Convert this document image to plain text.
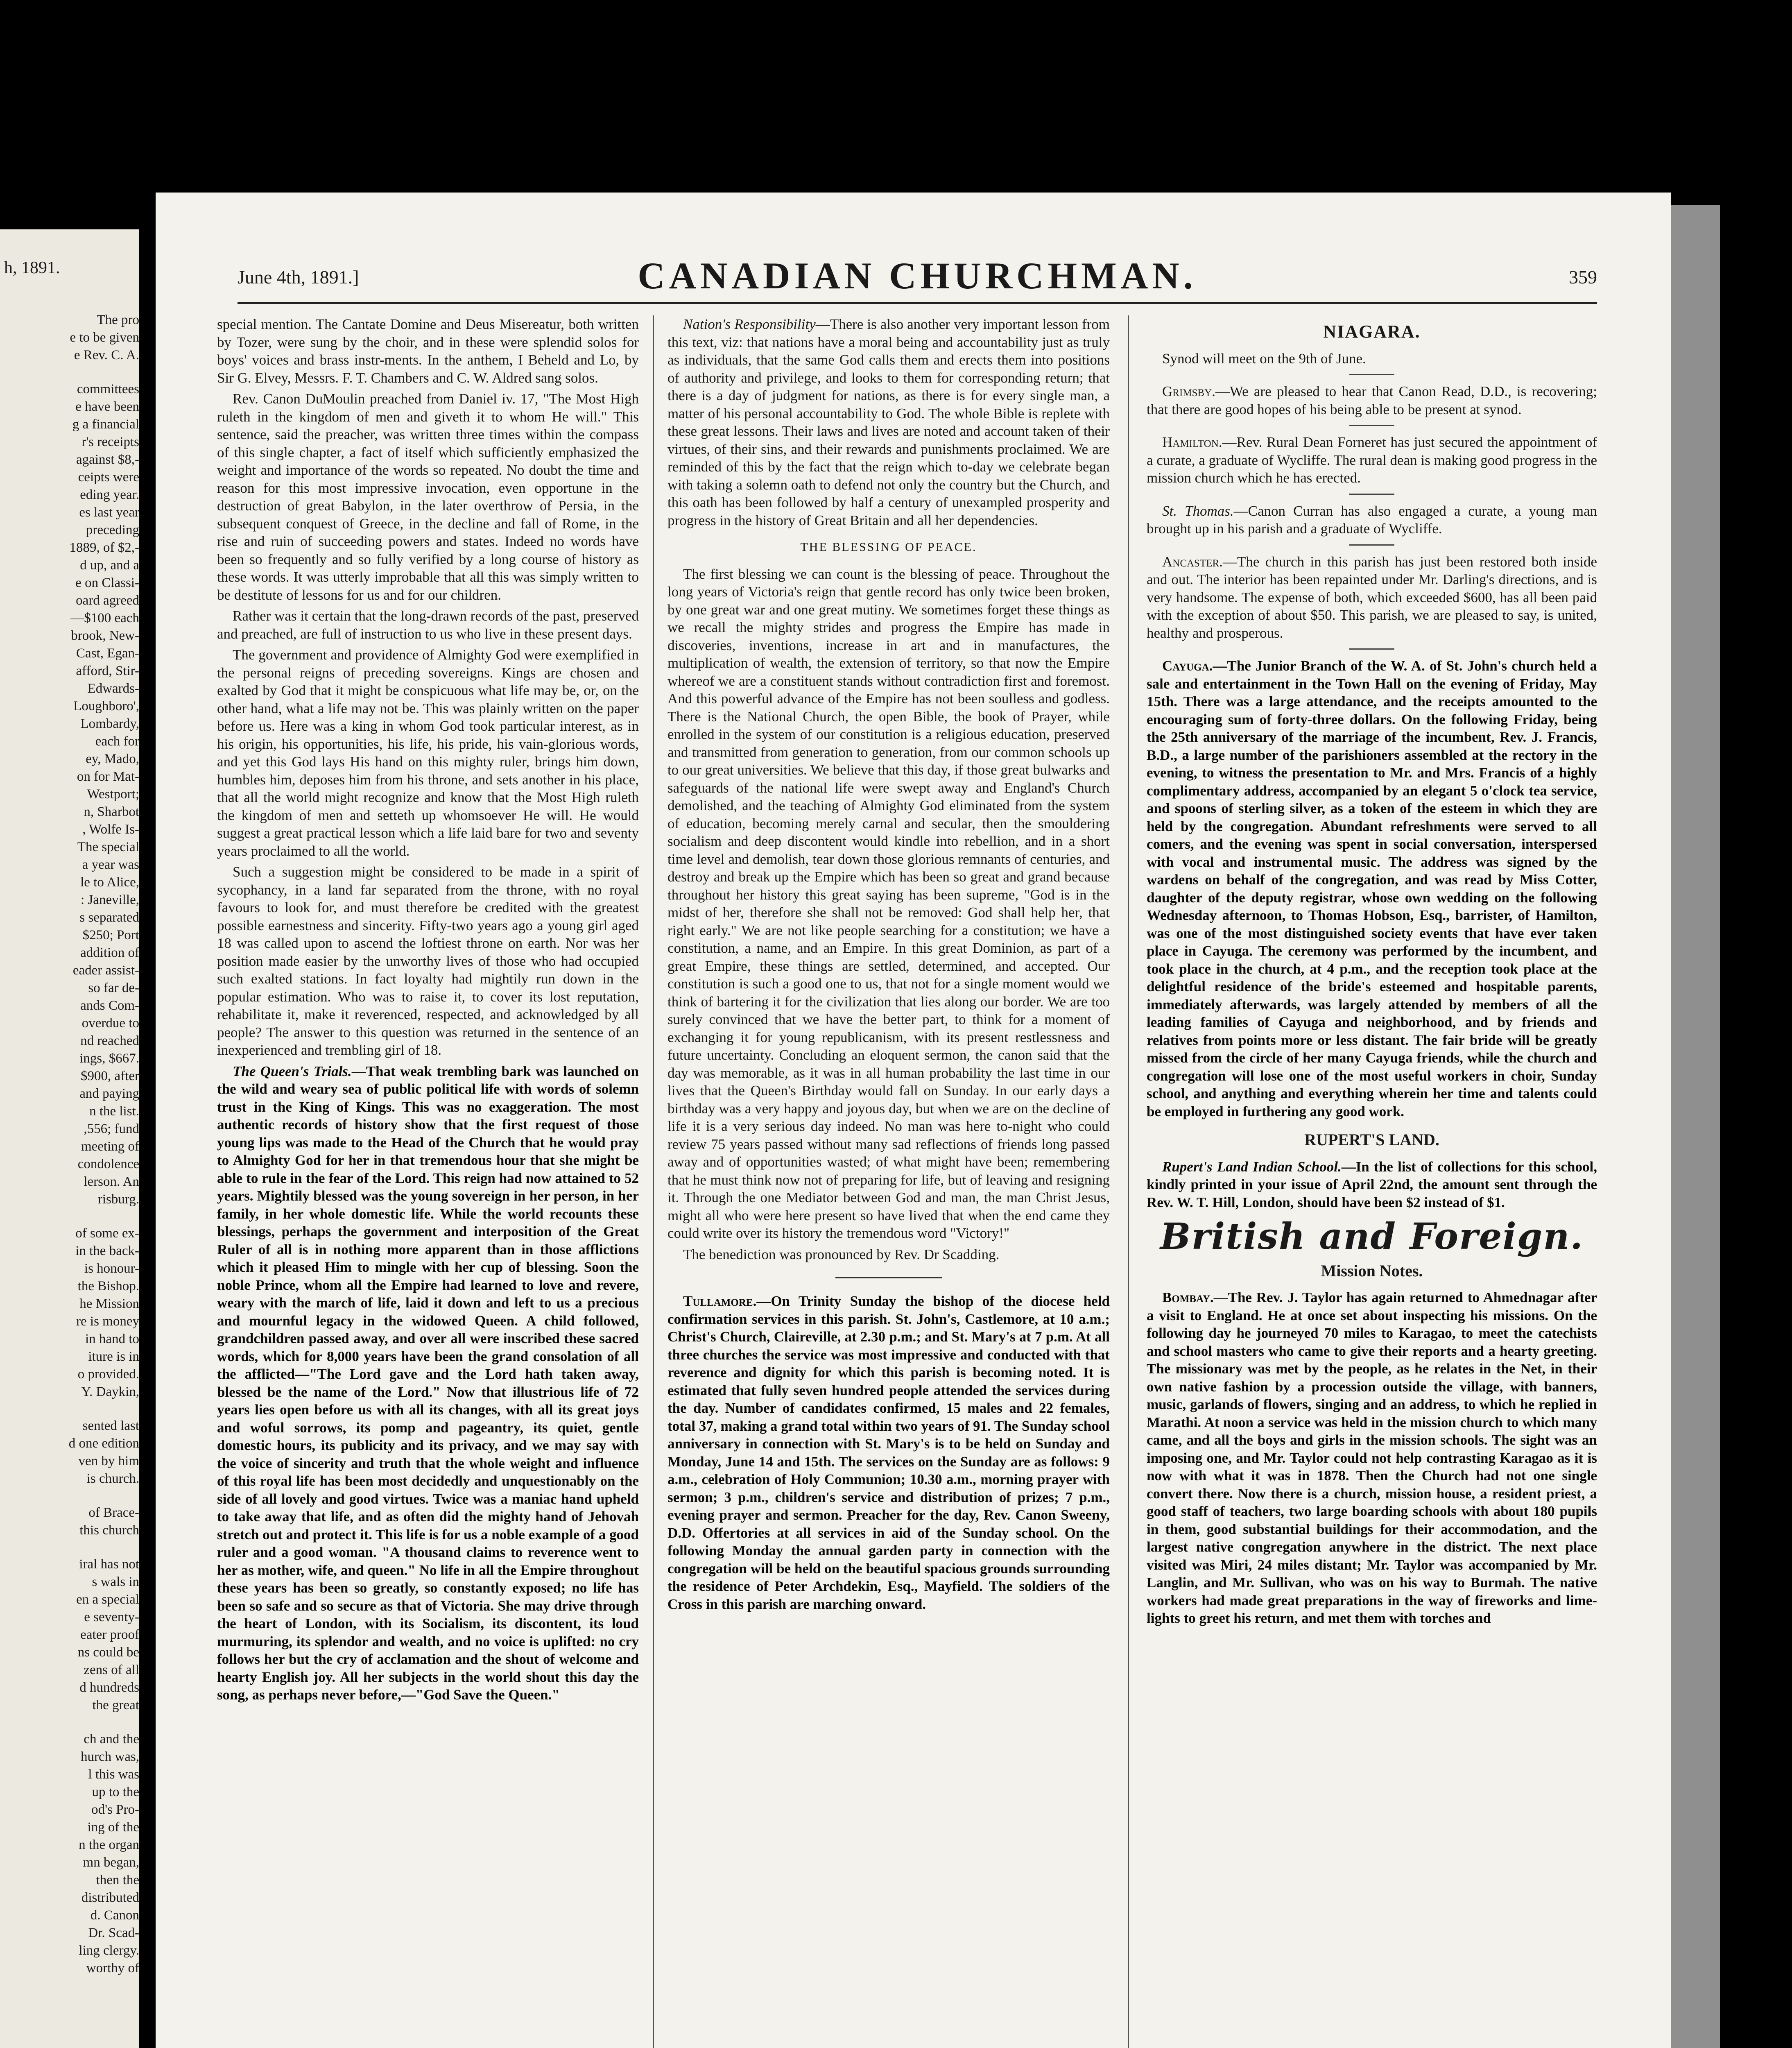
h, 1891.
The pro
e to be given
e Rev. C. A.
committees
e have been
g a financial
r's receipts
against $8,-
ceipts were
eding year.
es last year
preceding
1889, of $2,-
d up, and a
e on Classi-
oard agreed
—$100 each
brook, New-
Cast, Egan-
afford, Stir-
Edwards-
Loughboro',
Lombardy,
each for
ey, Mado,
on for Mat-
Westport;
n, Sharbot
, Wolfe Is-
The special
a year was
le to Alice,
: Janeville,
s separated
$250; Port
addition of
eader assist-
so far de-
ands Com-
overdue to
nd reached
ings, $667.
$900, after
and paying
n the list.
,556; fund
meeting of
condolence
lerson. An
risburg.
of some ex-
in the back-
is honour-
the Bishop.
he Mission
re is money
in hand to
iture is in
o provided.
Y. Daykin,
sented last
d one edition
ven by him
is church.
of Brace-
this church
iral has not
s wals in
en a special
e seventy-
eater proof
ns could be
zens of all
d hundreds
the great
ch and the
hurch was,
l this was
up to the
od's Pro-
ing of the
n the organ
mn began,
then the
distributed
d. Canon
Dr. Scad-
ling clergy.
worthy of
June 4th, 1891.]	CANADIAN CHURCHMAN.	359

special mention. The Cantate Domine and Deus Misereatur, both written by Tozer, were sung by the choir, and in these were splendid solos for boys' voices and brass instr-ments. In the anthem, I Beheld and Lo, by Sir G. Elvey, Messrs. F. T. Chambers and C. W. Aldred sang solos.

Rev. Canon DuMoulin preached from Daniel iv. 17, "The Most High ruleth in the kingdom of men and giveth it to whom He will." This sentence, said the preacher, was written three times within the compass of this single chapter, a fact of itself which sufficiently emphasized the weight and importance of the words so repeated. No doubt the time and reason for this most impressive invocation, even opportune in the destruction of great Babylon, in the later overthrow of Persia, in the subsequent conquest of Greece, in the decline and fall of Rome, in the rise and ruin of succeeding powers and states. Indeed no words have been so frequently and so fully verified by a long course of history as these words. It was utterly improbable that all this was simply written to be destitute of lessons for us and for our children.

Rather was it certain that the long-drawn records of the past, preserved and preached, are full of instruction to us who live in these present days.

The government and providence of Almighty God were exemplified in the personal reigns of preceding sovereigns. Kings are chosen and exalted by God that it might be conspicuous what life may be, or, on the other hand, what a life may not be. This was plainly written on the paper before us. Here was a king in whom God took particular interest, as in his origin, his opportunities, his life, his pride, his vain-glorious words, and yet this God lays His hand on this mighty ruler, brings him down, humbles him, deposes him from his throne, and sets another in his place, that all the world might recognize and know that the Most High ruleth the kingdom of men and setteth up whomsoever He will. He would suggest a great practical lesson which a life laid bare for two and seventy years proclaimed to all the world.

Such a suggestion might be considered to be made in a spirit of sycophancy, in a land far separated from the throne, with no royal favours to look for, and must therefore be credited with the greatest possible earnestness and sincerity. Fifty-two years ago a young girl aged 18 was called upon to ascend the loftiest throne on earth. Nor was her position made easier by the unworthy lives of those who had occupied such exalted stations. In fact loyalty had mightily run down in the popular estimation. Who was to raise it, to cover its lost reputation, rehabilitate it, make it reverenced, respected, and acknowledged by all people? The answer to this question was returned in the sentence of an inexperienced and trembling girl of 18.

The Queen's Trials.—That weak trembling bark was launched on the wild and weary sea of public political life with words of solemn trust in the King of Kings. This was no exaggeration. The most authentic records of history show that the first request of those young lips was made to the Head of the Church that he would pray to Almighty God for her in that tremendous hour that she might be able to rule in the fear of the Lord. This reign had now attained to 52 years. Mightily blessed was the young sovereign in her person, in her family, in her whole domestic life. While the world recounts these blessings, perhaps the government and interposition of the Great Ruler of all is in nothing more apparent than in those afflictions which it pleased Him to mingle with her cup of blessing. Soon the noble Prince, whom all the Empire had learned to love and revere, weary with the march of life, laid it down and left to us a precious and mournful legacy in the widowed Queen. A child followed, grandchildren passed away, and over all were inscribed these sacred words, which for 8,000 years have been the grand consolation of all the afflicted—"The Lord gave and the Lord hath taken away, blessed be the name of the Lord." Now that illustrious life of 72 years lies open before us with all its changes, with all its great joys and woful sorrows, its pomp and pageantry, its quiet, gentle domestic hours, its publicity and its privacy, and we may say with the voice of sincerity and truth that the whole weight and influence of this royal life has been most decidedly and unquestionably on the side of all lovely and good virtues. Twice was a maniac hand upheld to take away that life, and as often did the mighty hand of Jehovah stretch out and protect it. This life is for us a noble example of a good ruler and a good woman. "A thousand claims to reverence went to her as mother, wife, and queen." No life in all the Empire throughout these years has been so greatly, so constantly exposed; no life has been so safe and so secure as that of Victoria. She may drive through the heart of London, with its Socialism, its discontent, its loud murmuring, its splendor and wealth, and no voice is uplifted: no cry follows her but the cry of acclamation and the shout of welcome and hearty English joy. All her subjects in the world shout this day the song, as perhaps never before,—"God Save the Queen."

Nation's Responsibility—There is also another very important lesson from this text, viz: that nations have a moral being and accountability just as truly as individuals, that the same God calls them and erects them into positions of authority and privilege, and looks to them for corresponding return; that there is a day of judgment for nations, as there is for every single man, a matter of his personal accountability to God. The whole Bible is replete with these great lessons. Their laws and lives are noted and account taken of their virtues, of their sins, and their rewards and punishments proclaimed. We are reminded of this by the fact that the reign which to-day we celebrate began with taking a solemn oath to defend not only the country but the Church, and this oath has been followed by half a century of unexampled prosperity and progress in the history of Great Britain and all her dependencies.

THE BLESSING OF PEACE.

The first blessing we can count is the blessing of peace. Throughout the long years of Victoria's reign that gentle record has only twice been broken, by one great war and one great mutiny. We sometimes forget these things as we recall the mighty strides and progress the Empire has made in discoveries, inventions, increase in art and in manufactures, the multiplication of wealth, the extension of territory, so that now the Empire whereof we are a constituent stands without contradiction first and foremost. And this powerful advance of the Empire has not been soulless and godless. There is the National Church, the open Bible, the book of Prayer, while enrolled in the system of our constitution is a religious education, preserved and transmitted from generation to generation, from our common schools up to our great universities. We believe that this day, if those great bulwarks and safeguards of the national life were swept away and England's Church demolished, and the teaching of Almighty God eliminated from the system of education, becoming merely carnal and secular, then the smouldering socialism and deep discontent would kindle into rebellion, and in a short time level and demolish, tear down those glorious remnants of centuries, and destroy and break up the Empire which has been so great and grand because throughout her history this great saying has been supreme, "God is in the midst of her, therefore she shall not be removed: God shall help her, that right early." We are not like people searching for a constitution; we have a constitution, a name, and an Empire. In this great Dominion, as part of a great Empire, these things are settled, determined, and accepted. Our constitution is such a good one to us, that not for a single moment would we think of bartering it for the civilization that lies along our border. We are too surely convinced that we have the better part, to think for a moment of exchanging it for young republicanism, with its present restlessness and future uncertainty. Concluding an eloquent sermon, the canon said that the day was memorable, as it was in all human probability the last time in our lives that the Queen's Birthday would fall on Sunday. In our early days a birthday was a very happy and joyous day, but when we are on the decline of life it is a very serious day indeed. No man was here to-night who could review 75 years passed without many sad reflections of friends long passed away and of opportunities wasted; of what might have been; remembering that he must think now not of preparing for life, but of leaving and resigning it. Through the one Mediator between God and man, the man Christ Jesus, might all who were here present so have lived that when the end came they could write over its history the tremendous word "Victory!"

The benediction was pronounced by Rev. Dr Scadding.

Tullamore.—On Trinity Sunday the bishop of the diocese held confirmation services in this parish. St. John's, Castlemore, at 10 a.m.; Christ's Church, Claireville, at 2.30 p.m.; and St. Mary's at 7 p.m. At all three churches the service was most impressive and conducted with that reverence and dignity for which this parish is becoming noted. It is estimated that fully seven hundred people attended the services during the day. Number of candidates confirmed, 15 males and 22 females, total 37, making a grand total within two years of 91. The Sunday school anniversary in connection with St. Mary's is to be held on Sunday and Monday, June 14 and 15th. The services on the Sunday are as follows: 9 a.m., celebration of Holy Communion; 10.30 a.m., morning prayer with sermon; 3 p.m., children's service and distribution of prizes; 7 p.m., evening prayer and sermon. Preacher for the day, Rev. Canon Sweeny, D.D. Offertories at all services in aid of the Sunday school. On the following Monday the annual garden party in connection with the congregation will be held on the beautiful spacious grounds surrounding the residence of Peter Archdekin, Esq., Mayfield. The soldiers of the Cross in this parish are marching onward.

NIAGARA.

Synod will meet on the 9th of June.

Grimsby.—We are pleased to hear that Canon Read, D.D., is recovering; that there are good hopes of his being able to be present at synod.

Hamilton.—Rev. Rural Dean Forneret has just secured the appointment of a curate, a graduate of Wycliffe. The rural dean is making good progress in the mission church which he has erected.

St. Thomas.—Canon Curran has also engaged a curate, a young man brought up in his parish and a graduate of Wycliffe.

Ancaster.—The church in this parish has just been restored both inside and out. The interior has been repainted under Mr. Darling's directions, and is very handsome. The expense of both, which exceeded $600, has all been paid with the exception of about $50. This parish, we are pleased to say, is united, healthy and prosperous.

Cayuga.—The Junior Branch of the W. A. of St. John's church held a sale and entertainment in the Town Hall on the evening of Friday, May 15th. There was a large attendance, and the receipts amounted to the encouraging sum of forty-three dollars. On the following Friday, being the 25th anniversary of the marriage of the incumbent, Rev. J. Francis, B.D., a large number of the parishioners assembled at the rectory in the evening, to witness the presentation to Mr. and Mrs. Francis of a highly complimentary address, accompanied by an elegant 5 o'clock tea service, and spoons of sterling silver, as a token of the esteem in which they are held by the congregation. Abundant refreshments were served to all comers, and the evening was spent in social conversation, interspersed with vocal and instrumental music. The address was signed by the wardens on behalf of the congregation, and was read by Miss Cotter, daughter of the deputy registrar, whose own wedding on the following Wednesday afternoon, to Thomas Hobson, Esq., barrister, of Hamilton, was one of the most distinguished society events that have ever taken place in Cayuga. The ceremony was performed by the incumbent, and took place in the church, at 4 p.m., and the reception took place at the delightful residence of the bride's esteemed and hospitable parents, immediately afterwards, was largely attended by members of all the leading families of Cayuga and neighborhood, and by friends and relatives from points more or less distant. The fair bride will be greatly missed from the circle of her many Cayuga friends, while the church and congregation will lose one of the most useful workers in choir, Sunday school, and anything and everything wherein her time and talents could be employed in furthering any good work.

RUPERT'S LAND.

Rupert's Land Indian School.—In the list of collections for this school, kindly printed in your issue of April 22nd, the amount sent through the Rev. W. T. Hill, London, should have been $2 instead of $1.

British and Foreign.
Mission Notes.

Bombay.—The Rev. J. Taylor has again returned to Ahmednagar after a visit to England. He at once set about inspecting his missions. On the following day he journeyed 70 miles to Karagao, to meet the catechists and school masters who came to give their reports and a hearty greeting. The missionary was met by the people, as he relates in the Net, in their own native fashion by a procession outside the village, with banners, music, garlands of flowers, singing and an address, to which he replied in Marathi. At noon a service was held in the mission church to which many came, and all the boys and girls in the mission schools. The sight was an imposing one, and Mr. Taylor could not help contrasting Karagao as it is now with what it was in 1878. Then the Church had not one single convert there. Now there is a church, mission house, a resident priest, a good staff of teachers, two large boarding schools with about 180 pupils in them, good substantial buildings for their accommodation, and the largest native congregation anywhere in the district. The next place visited was Miri, 24 miles distant; Mr. Taylor was accompanied by Mr. Langlin, and Mr. Sullivan, who was on his way to Burmah. The native workers had made great preparations in the way of fireworks and lime-lights to greet his return, and met them with torches and
